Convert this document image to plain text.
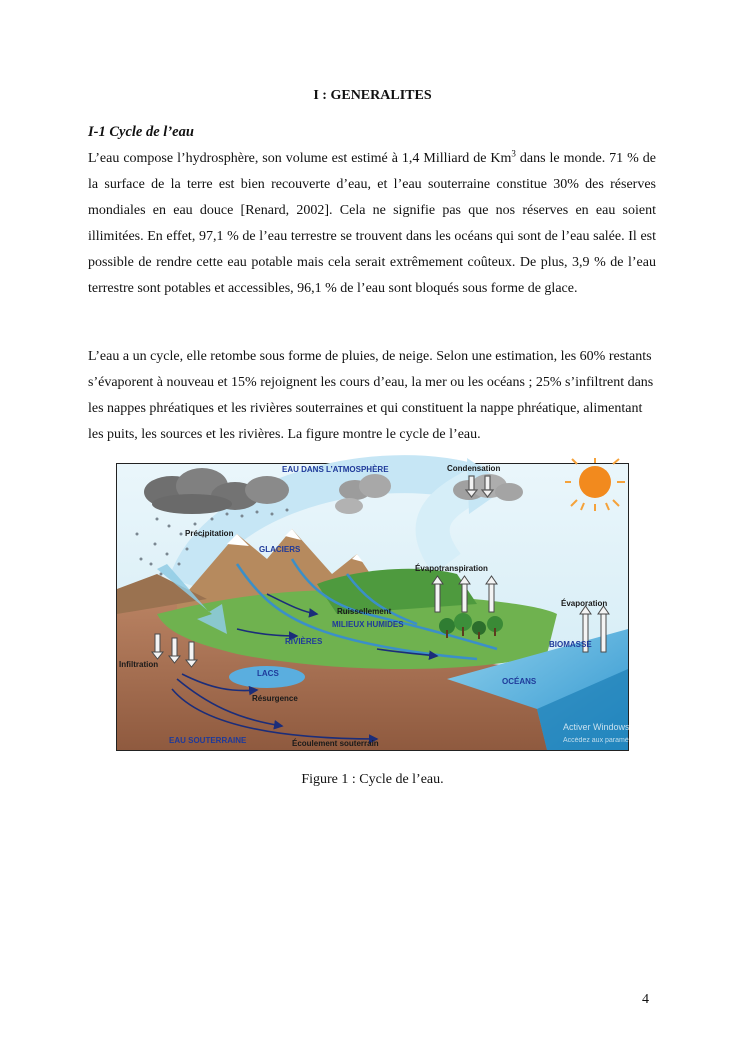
I : GENERALITES
I-1 Cycle de l’eau
L’eau compose l’hydrosphère, son volume est estimé à 1,4 Milliard de Km$^3$ dans le monde. 71 % de la surface de la terre est bien recouverte d’eau, et l’eau souterraine constitue 30% des réserves mondiales en eau douce [Renard, 2002]. Cela ne signifie pas que nos réserves en eau soient illimitées. En effet, 97,1 % de l’eau terrestre se trouvent dans les océans qui sont de l’eau salée. Il est possible de rendre cette eau potable mais cela serait extrêmement coûteux. De plus, 3,9 % de l’eau terrestre sont potables et accessibles, 96,1 % de l’eau sont bloqués sous forme de glace.
L’eau a un cycle, elle retombe sous forme de pluies, de neige. Selon une estimation, les 60% restants s’évaporent à nouveau et 15% rejoignent les cours d’eau, la mer ou les océans ; 25% s’infiltrent dans les nappes phréatiques et les rivières souterraines et qui constituent la nappe phréatique, alimentant les puits, les sources et les rivières. La figure montre le cycle de l’eau.
EAU DANS L’ATMOSPHÈRE	Condensation
Précipitation
GLACIERS
Évapotranspiration
Évaporation
Ruissellement
MILIEUX HUMIDES
RIVIÈRES	BIOMASSE
Infiltration
LACS
Résurgence
OCÉANS
EAU SOUTERRAINE	Écoulement souterrain
Activer Windows
Accédez aux paramètres
Figure 1 : Cycle de l’eau.
4
